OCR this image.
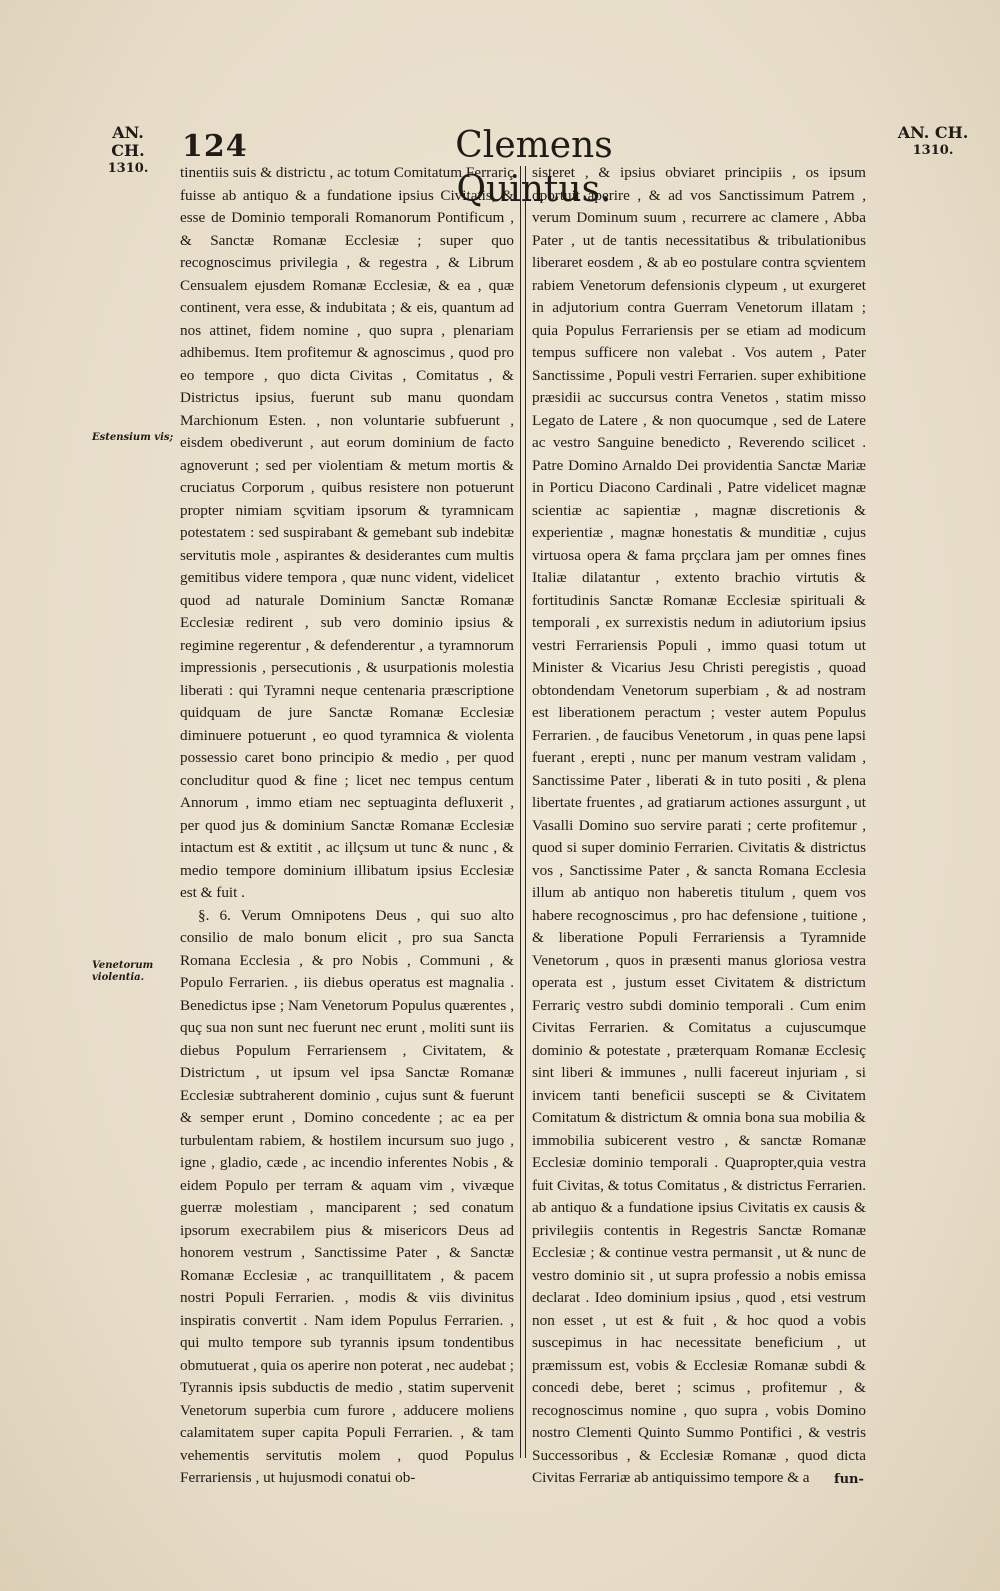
AN. CH.
1310.
124	Clemens Quintus.
AN. CH.
1310.
Estensium vis;
Venetorum violentia.

tinentiis suis & districtu , ac totum Comitatum Ferrariç fuisse ab antiquo & a fundatione ipsius Civitatis, & esse de Dominio temporali Romanorum Pontificum , & Sanctæ Romanæ Ecclesiæ ; super quo recognoscimus privilegia , & regestra , & Librum Censualem ejusdem Romanæ Ecclesiæ, & ea , quæ continent, vera esse, & indubitata ; & eis, quantum ad nos attinet, fidem nomine , quo supra , plenariam adhibemus. Item profitemur & agnoscimus , quod pro eo tempore , quo dicta Civitas , Comitatus , & Districtus ipsius, fuerunt sub manu quondam Marchionum Esten. , non voluntarie subfuerunt , eisdem obediverunt , aut eorum dominium de facto agnoverunt ; sed per violentiam & metum mortis & cruciatus Corporum , quibus resistere non potuerunt propter nimiam sçvitiam ipsorum & tyramnicam potestatem : sed suspirabant & gemebant sub indebitæ servitutis mole , aspirantes & desiderantes cum multis gemitibus videre tempora , quæ nunc vident, videlicet quod ad naturale Dominium Sanctæ Romanæ Ecclesiæ redirent , sub vero dominio ipsius & regimine regerentur , & defenderentur , a tyramnorum impressionis , persecutionis , & usurpationis molestia liberati : qui Tyramni neque centenaria præscriptione quidquam de jure Sanctæ Romanæ Ecclesiæ diminuere potuerunt , eo quod tyramnica & violenta possessio caret bono principio & medio , per quod concluditur quod & fine ; licet nec tempus centum Annorum , immo etiam nec septuaginta defluxerit , per quod jus & dominium Sanctæ Romanæ Ecclesiæ intactum est & extitit , ac illçsum ut tunc & nunc , & medio tempore dominium illibatum ipsius Ecclesiæ est & fuit .

§. 6. Verum Omnipotens Deus , qui suo alto consilio de malo bonum elicit , pro sua Sancta Romana Ecclesia , & pro Nobis , Communi , & Populo Ferrarien. , iis diebus operatus est magnalia . Benedictus ipse ; Nam Venetorum Populus quærentes , quç sua non sunt nec fuerunt nec erunt , moliti sunt iis diebus Populum Ferrariensem , Civitatem, & Districtum , ut ipsum vel ipsa Sanctæ Romanæ Ecclesiæ subtraherent dominio , cujus sunt & fuerunt & semper erunt , Domino concedente ; ac ea per turbulentam rabiem, & hostilem incursum suo jugo , igne , gladio, cæde , ac incendio inferentes Nobis , & eidem Populo per terram & aquam vim , vivæque guerræ molestiam , manciparent ; sed conatum ipsorum execrabilem pius & misericors Deus ad honorem vestrum , Sanctissime Pater , & Sanctæ Romanæ Ecclesiæ , ac tranquillitatem , & pacem nostri Populi Ferrarien. , modis & viis divinitus inspiratis convertit . Nam idem Populus Ferrarien. , qui multo tempore sub tyrannis ipsum tondentibus obmutuerat , quia os aperire non poterat , nec audebat ; Tyrannis ipsis subductis de medio , statim supervenit Venetorum superbia cum furore , adducere moliens calamitatem super capita Populi Ferrarien. , & tam vehementis servitutis molem , quod Populus Ferrariensis , ut hujusmodi conatui ob-

sisteret , & ipsius obviaret principiis , os ipsum oportuit aperire , & ad vos Sanctissimum Patrem , verum Dominum suum , recurrere ac clamere , Abba Pater , ut de tantis necessitatibus & tribulationibus liberaret eosdem , & ab eo postulare contra sçvientem rabiem Venetorum defensionis clypeum , ut exurgeret in adjutorium contra Guerram Venetorum illatam ; quia Populus Ferrariensis per se etiam ad modicum tempus sufficere non valebat . Vos autem , Pater Sanctissime , Populi vestri Ferrarien. super exhibitione præsidii ac succursus contra Venetos , statim misso Legato de Latere , & non quocumque , sed de Latere ac vestro Sanguine benedicto , Reverendo scilicet . Patre Domino Arnaldo Dei providentia Sanctæ Mariæ in Porticu Diacono Cardinali , Patre videlicet magnæ scientiæ ac sapientiæ , magnæ discretionis & experientiæ , magnæ honestatis & munditiæ , cujus virtuosa opera & fama prçclara jam per omnes fines Italiæ dilatantur , extento brachio virtutis & fortitudinis Sanctæ Romanæ Ecclesiæ spirituali & temporali , ex surrexistis nedum in adiutorium ipsius vestri Ferrariensis Populi , immo quasi totum ut Minister & Vicarius Jesu Christi peregistis , quoad obtondendam Venetorum superbiam , & ad nostram est liberationem peractum ; vester autem Populus Ferrarien. , de faucibus Venetorum , in quas pene lapsi fuerant , erepti , nunc per manum vestram validam , Sanctissime Pater , liberati & in tuto positi , & plena libertate fruentes , ad gratiarum actiones assurgunt , ut Vasalli Domino suo servire parati ; certe profitemur , quod si super dominio Ferrarien. Civitatis & districtus vos , Sanctissime Pater , & sancta Romana Ecclesia illum ab antiquo non haberetis titulum , quem vos habere recognoscimus , pro hac defensione , tuitione , & liberatione Populi Ferrariensis a Tyramnide Venetorum , quos in præsenti manus gloriosa vestra operata est , justum esset Civitatem & districtum Ferrariç vestro subdi dominio temporali . Cum enim Civitas Ferrarien. & Comitatus a cujuscumque dominio & potestate , præterquam Romanæ Ecclesiç sint liberi & immunes , nulli facereut injuriam , si invicem tanti beneficii suscepti se & Civitatem Comitatum & districtum & omnia bona sua mobilia & immobilia subicerent vestro , & sanctæ Romanæ Ecclesiæ dominio temporali . Quapropter,quia vestra fuit Civitas, & totus Comitatus , & districtus Ferrarien. ab antiquo & a fundatione ipsius Civitatis ex causis & privilegiis contentis in Regestris Sanctæ Romanæ Ecclesiæ ; & continue vestra permansit , ut & nunc de vestro dominio sit , ut supra professio a nobis emissa declarat . Ideo dominium ipsius , quod , etsi vestrum non esset , ut est & fuit , & hoc quod a vobis suscepimus in hac necessitate beneficium , ut præmissum est, vobis & Ecclesiæ Romanæ subdi & concedi debe, beret ; scimus , profitemur , & recognoscimus nomine , quo supra , vobis Domino nostro Clementi Quinto Summo Pontifici , & vestris Successoribus , & Ecclesiæ Romanæ , quod dicta Civitas Ferrariæ ab antiquissimo tempore & a	fun-
